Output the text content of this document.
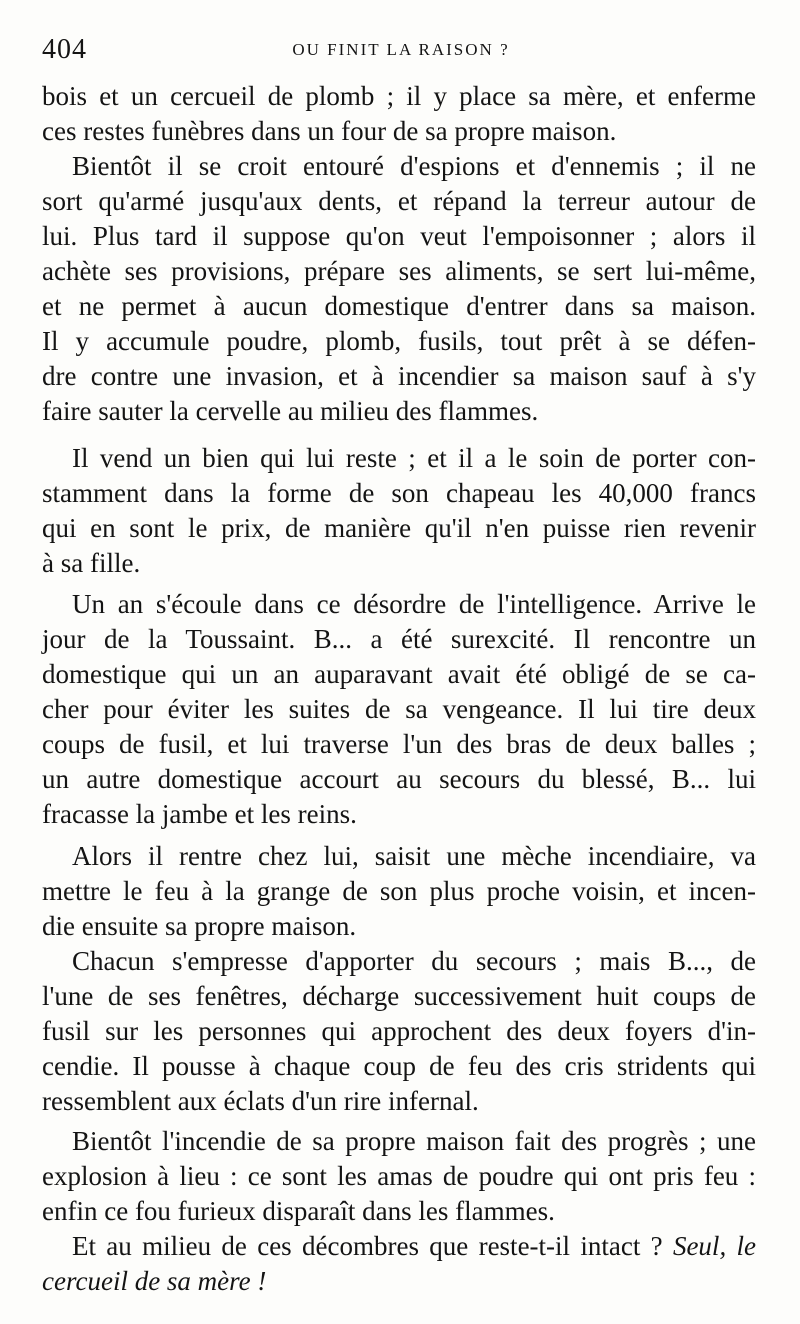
404	OU FINIT LA RAISON ?
bois et un cercueil de plomb ; il y place sa mère, et enferme
ces restes funèbres dans un four de sa propre maison.
Bientôt il se croit entouré d'espions et d'ennemis ; il ne
sort qu'armé jusqu'aux dents, et répand la terreur autour de
lui. Plus tard il suppose qu'on veut l'empoisonner ; alors il
achète ses provisions, prépare ses aliments, se sert lui-même,
et ne permet à aucun domestique d'entrer dans sa maison.
Il y accumule poudre, plomb, fusils, tout prêt à se défen-
dre contre une invasion, et à incendier sa maison sauf à s'y
faire sauter la cervelle au milieu des flammes.
Il vend un bien qui lui reste ; et il a le soin de porter con-
stamment dans la forme de son chapeau les 40,000 francs
qui en sont le prix, de manière qu'il n'en puisse rien revenir
à sa fille.
Un an s'écoule dans ce désordre de l'intelligence. Arrive le
jour de la Toussaint. B... a été surexcité. Il rencontre un
domestique qui un an auparavant avait été obligé de se ca-
cher pour éviter les suites de sa vengeance. Il lui tire deux
coups de fusil, et lui traverse l'un des bras de deux balles ;
un autre domestique accourt au secours du blessé, B... lui
fracasse la jambe et les reins.
Alors il rentre chez lui, saisit une mèche incendiaire, va
mettre le feu à la grange de son plus proche voisin, et incen-
die ensuite sa propre maison.
Chacun s'empresse d'apporter du secours ; mais B..., de
l'une de ses fenêtres, décharge successivement huit coups de
fusil sur les personnes qui approchent des deux foyers d'in-
cendie. Il pousse à chaque coup de feu des cris stridents qui
ressemblent aux éclats d'un rire infernal.
Bientôt l'incendie de sa propre maison fait des progrès ; une
explosion à lieu : ce sont les amas de poudre qui ont pris feu :
enfin ce fou furieux disparaît dans les flammes.
Et au milieu de ces décombres que reste-t-il intact ? Seul, le
cercueil de sa mère !
